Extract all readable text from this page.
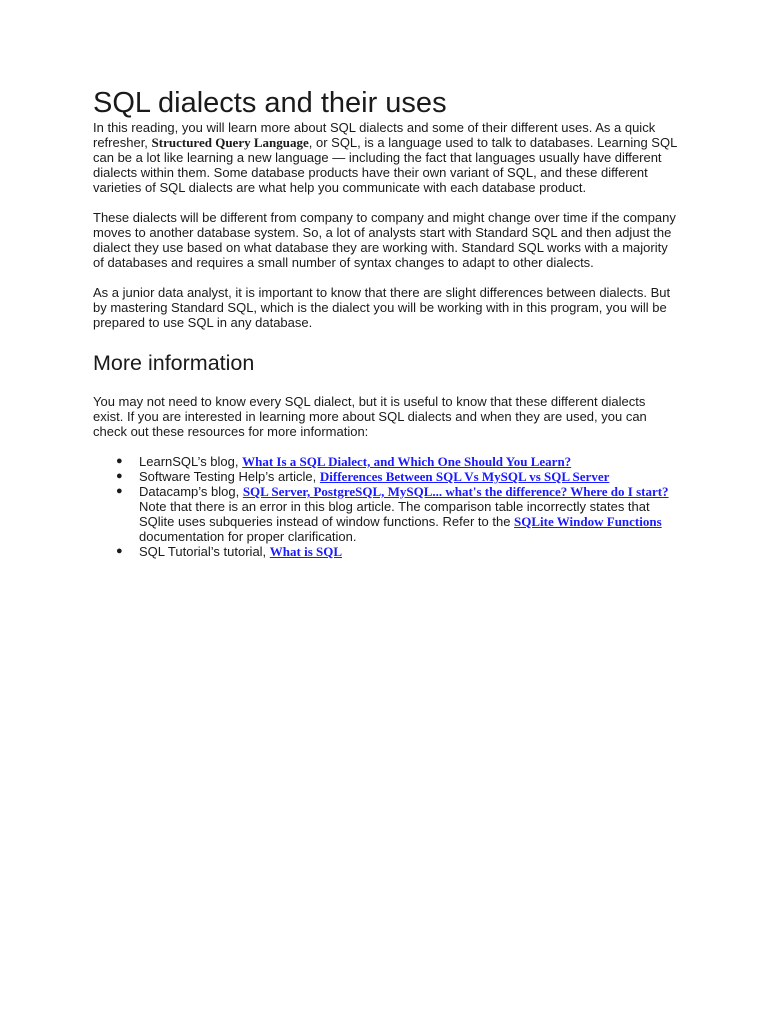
SQL dialects and their uses

In this reading, you will learn more about SQL dialects and some of their different uses. As a quick refresher, Structured Query Language, or SQL, is a language used to talk to databases. Learning SQL can be a lot like learning a new language — including the fact that languages usually have different dialects within them. Some database products have their own variant of SQL, and these different varieties of SQL dialects are what help you communicate with each database product.

These dialects will be different from company to company and might change over time if the company moves to another database system. So, a lot of analysts start with Standard SQL and then adjust the dialect they use based on what database they are working with. Standard SQL works with a majority of databases and requires a small number of syntax changes to adapt to other dialects.

As a junior data analyst, it is important to know that there are slight differences between dialects. But by mastering Standard SQL, which is the dialect you will be working with in this program, you will be prepared to use SQL in any database.

More information

You may not need to know every SQL dialect, but it is useful to know that these different dialects exist. If you are interested in learning more about SQL dialects and when they are used, you can check out these resources for more information:

● LearnSQL’s blog, What Is a SQL Dialect, and Which One Should You Learn?
● Software Testing Help’s article, Differences Between SQL Vs MySQL vs SQL Server
● Datacamp’s blog, SQL Server, PostgreSQL, MySQL... what's the difference? Where do I start? Note that there is an error in this blog article. The comparison table incorrectly states that SQlite uses subqueries instead of window functions. Refer to the SQLite Window Functions documentation for proper clarification.
● SQL Tutorial’s tutorial, What is SQL
